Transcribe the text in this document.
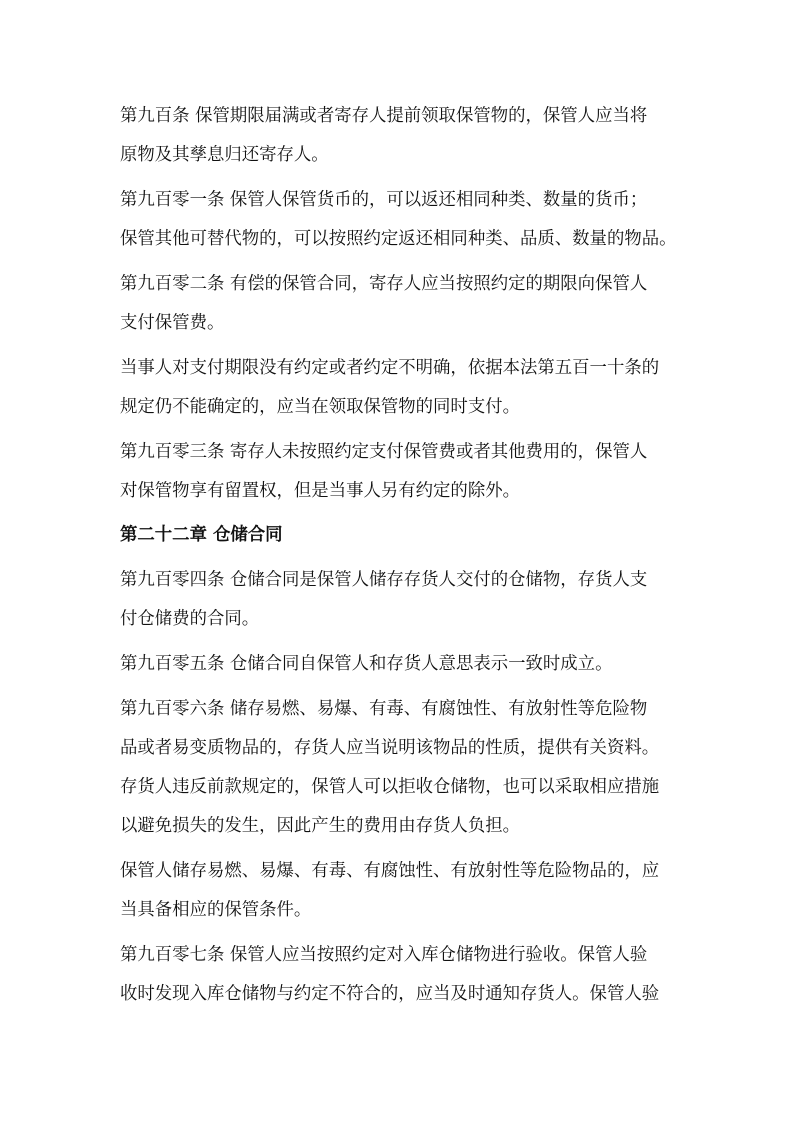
第九百条 保管期限届满或者寄存人提前领取保管物的，保管人应当将
原物及其孳息归还寄存人。
第九百零一条 保管人保管货币的，可以返还相同种类、数量的货币；
保管其他可替代物的，可以按照约定返还相同种类、品质、数量的物品。
第九百零二条 有偿的保管合同，寄存人应当按照约定的期限向保管人
支付保管费。
当事人对支付期限没有约定或者约定不明确，依据本法第五百一十条的
规定仍不能确定的，应当在领取保管物的同时支付。
第九百零三条 寄存人未按照约定支付保管费或者其他费用的，保管人
对保管物享有留置权，但是当事人另有约定的除外。
第二十二章 仓储合同
第九百零四条 仓储合同是保管人储存存货人交付的仓储物，存货人支
付仓储费的合同。
第九百零五条 仓储合同自保管人和存货人意思表示一致时成立。
第九百零六条 储存易燃、易爆、有毒、有腐蚀性、有放射性等危险物
品或者易变质物品的，存货人应当说明该物品的性质，提供有关资料。
存货人违反前款规定的，保管人可以拒收仓储物，也可以采取相应措施
以避免损失的发生，因此产生的费用由存货人负担。
保管人储存易燃、易爆、有毒、有腐蚀性、有放射性等危险物品的，应
当具备相应的保管条件。
第九百零七条 保管人应当按照约定对入库仓储物进行验收。保管人验
收时发现入库仓储物与约定不符合的，应当及时通知存货人。保管人验
